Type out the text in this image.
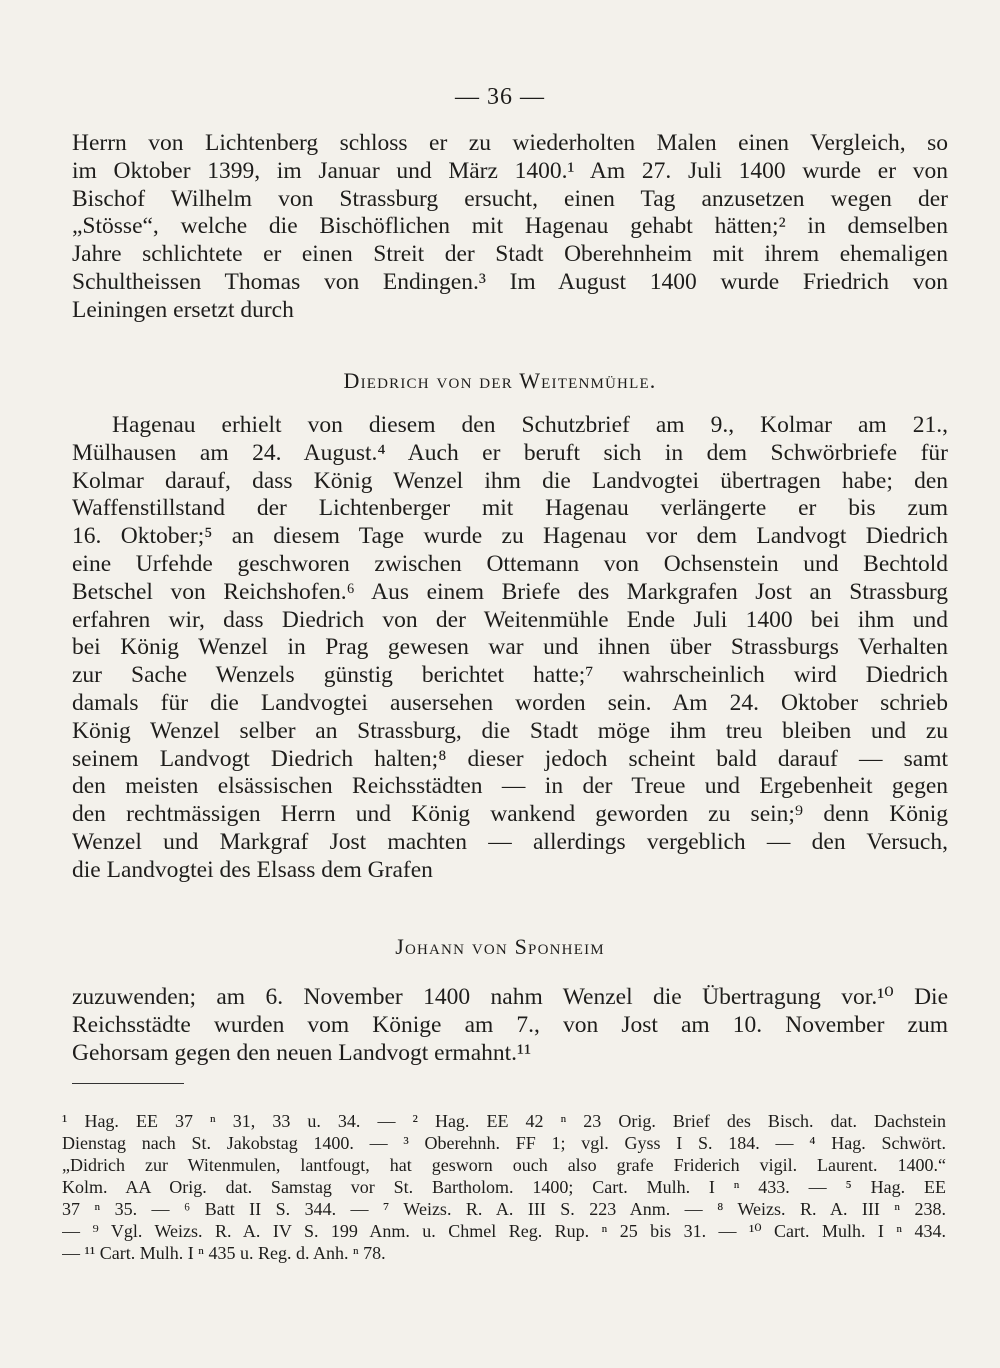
— 36 —
Herrn von Lichtenberg schloss er zu wiederholten Malen einen Vergleich, so
im Oktober 1399, im Januar und März 1400.¹ Am 27. Juli 1400 wurde er von
Bischof Wilhelm von Strassburg ersucht, einen Tag anzusetzen wegen der
„Stösse“, welche die Bischöflichen mit Hagenau gehabt hätten;² in demselben
Jahre schlichtete er einen Streit der Stadt Oberehnheim mit ihrem ehemaligen
Schultheissen Thomas von Endingen.³ Im August 1400 wurde Friedrich von
Leiningen ersetzt durch
Diedrich von der Weitenmühle.
Hagenau erhielt von diesem den Schutzbrief am 9., Kolmar am 21.,
Mülhausen am 24. August.⁴ Auch er beruft sich in dem Schwörbriefe für
Kolmar darauf, dass König Wenzel ihm die Landvogtei übertragen habe; den
Waffenstillstand der Lichtenberger mit Hagenau verlängerte er bis zum
16. Oktober;⁵ an diesem Tage wurde zu Hagenau vor dem Landvogt Diedrich
eine Urfehde geschworen zwischen Ottemann von Ochsenstein und Bechtold
Betschel von Reichshofen.⁶ Aus einem Briefe des Markgrafen Jost an Strassburg
erfahren wir, dass Diedrich von der Weitenmühle Ende Juli 1400 bei ihm und
bei König Wenzel in Prag gewesen war und ihnen über Strassburgs Verhalten
zur Sache Wenzels günstig berichtet hatte;⁷ wahrscheinlich wird Diedrich
damals für die Landvogtei ausersehen worden sein. Am 24. Oktober schrieb
König Wenzel selber an Strassburg, die Stadt möge ihm treu bleiben und zu
seinem Landvogt Diedrich halten;⁸ dieser jedoch scheint bald darauf — samt
den meisten elsässischen Reichsstädten — in der Treue und Ergebenheit gegen
den rechtmässigen Herrn und König wankend geworden zu sein;⁹ denn König
Wenzel und Markgraf Jost machten — allerdings vergeblich — den Versuch,
die Landvogtei des Elsass dem Grafen
Johann von Sponheim
zuzuwenden; am 6. November 1400 nahm Wenzel die Übertragung vor.¹⁰ Die
Reichsstädte wurden vom Könige am 7., von Jost am 10. November zum
Gehorsam gegen den neuen Landvogt ermahnt.¹¹
¹ Hag. EE 37 ⁿ 31, 33 u. 34. — ² Hag. EE 42 ⁿ 23 Orig. Brief des Bisch. dat. Dachstein
Dienstag nach St. Jakobstag 1400. — ³ Oberehnh. FF 1; vgl. Gyss I S. 184. — ⁴ Hag. Schwört.
„Didrich zur Witenmulen, lantfougt, hat gesworn ouch also grafe Friderich vigil. Laurent. 1400.“
Kolm. AA Orig. dat. Samstag vor St. Bartholom. 1400; Cart. Mulh. I ⁿ 433. — ⁵ Hag. EE
37 ⁿ 35. — ⁶ Batt II S. 344. — ⁷ Weizs. R. A. III S. 223 Anm. — ⁸ Weizs. R. A. III ⁿ 238.
— ⁹ Vgl. Weizs. R. A. IV S. 199 Anm. u. Chmel Reg. Rup. ⁿ 25 bis 31. — ¹⁰ Cart. Mulh. I ⁿ 434.
— ¹¹ Cart. Mulh. I ⁿ 435 u. Reg. d. Anh. ⁿ 78.
